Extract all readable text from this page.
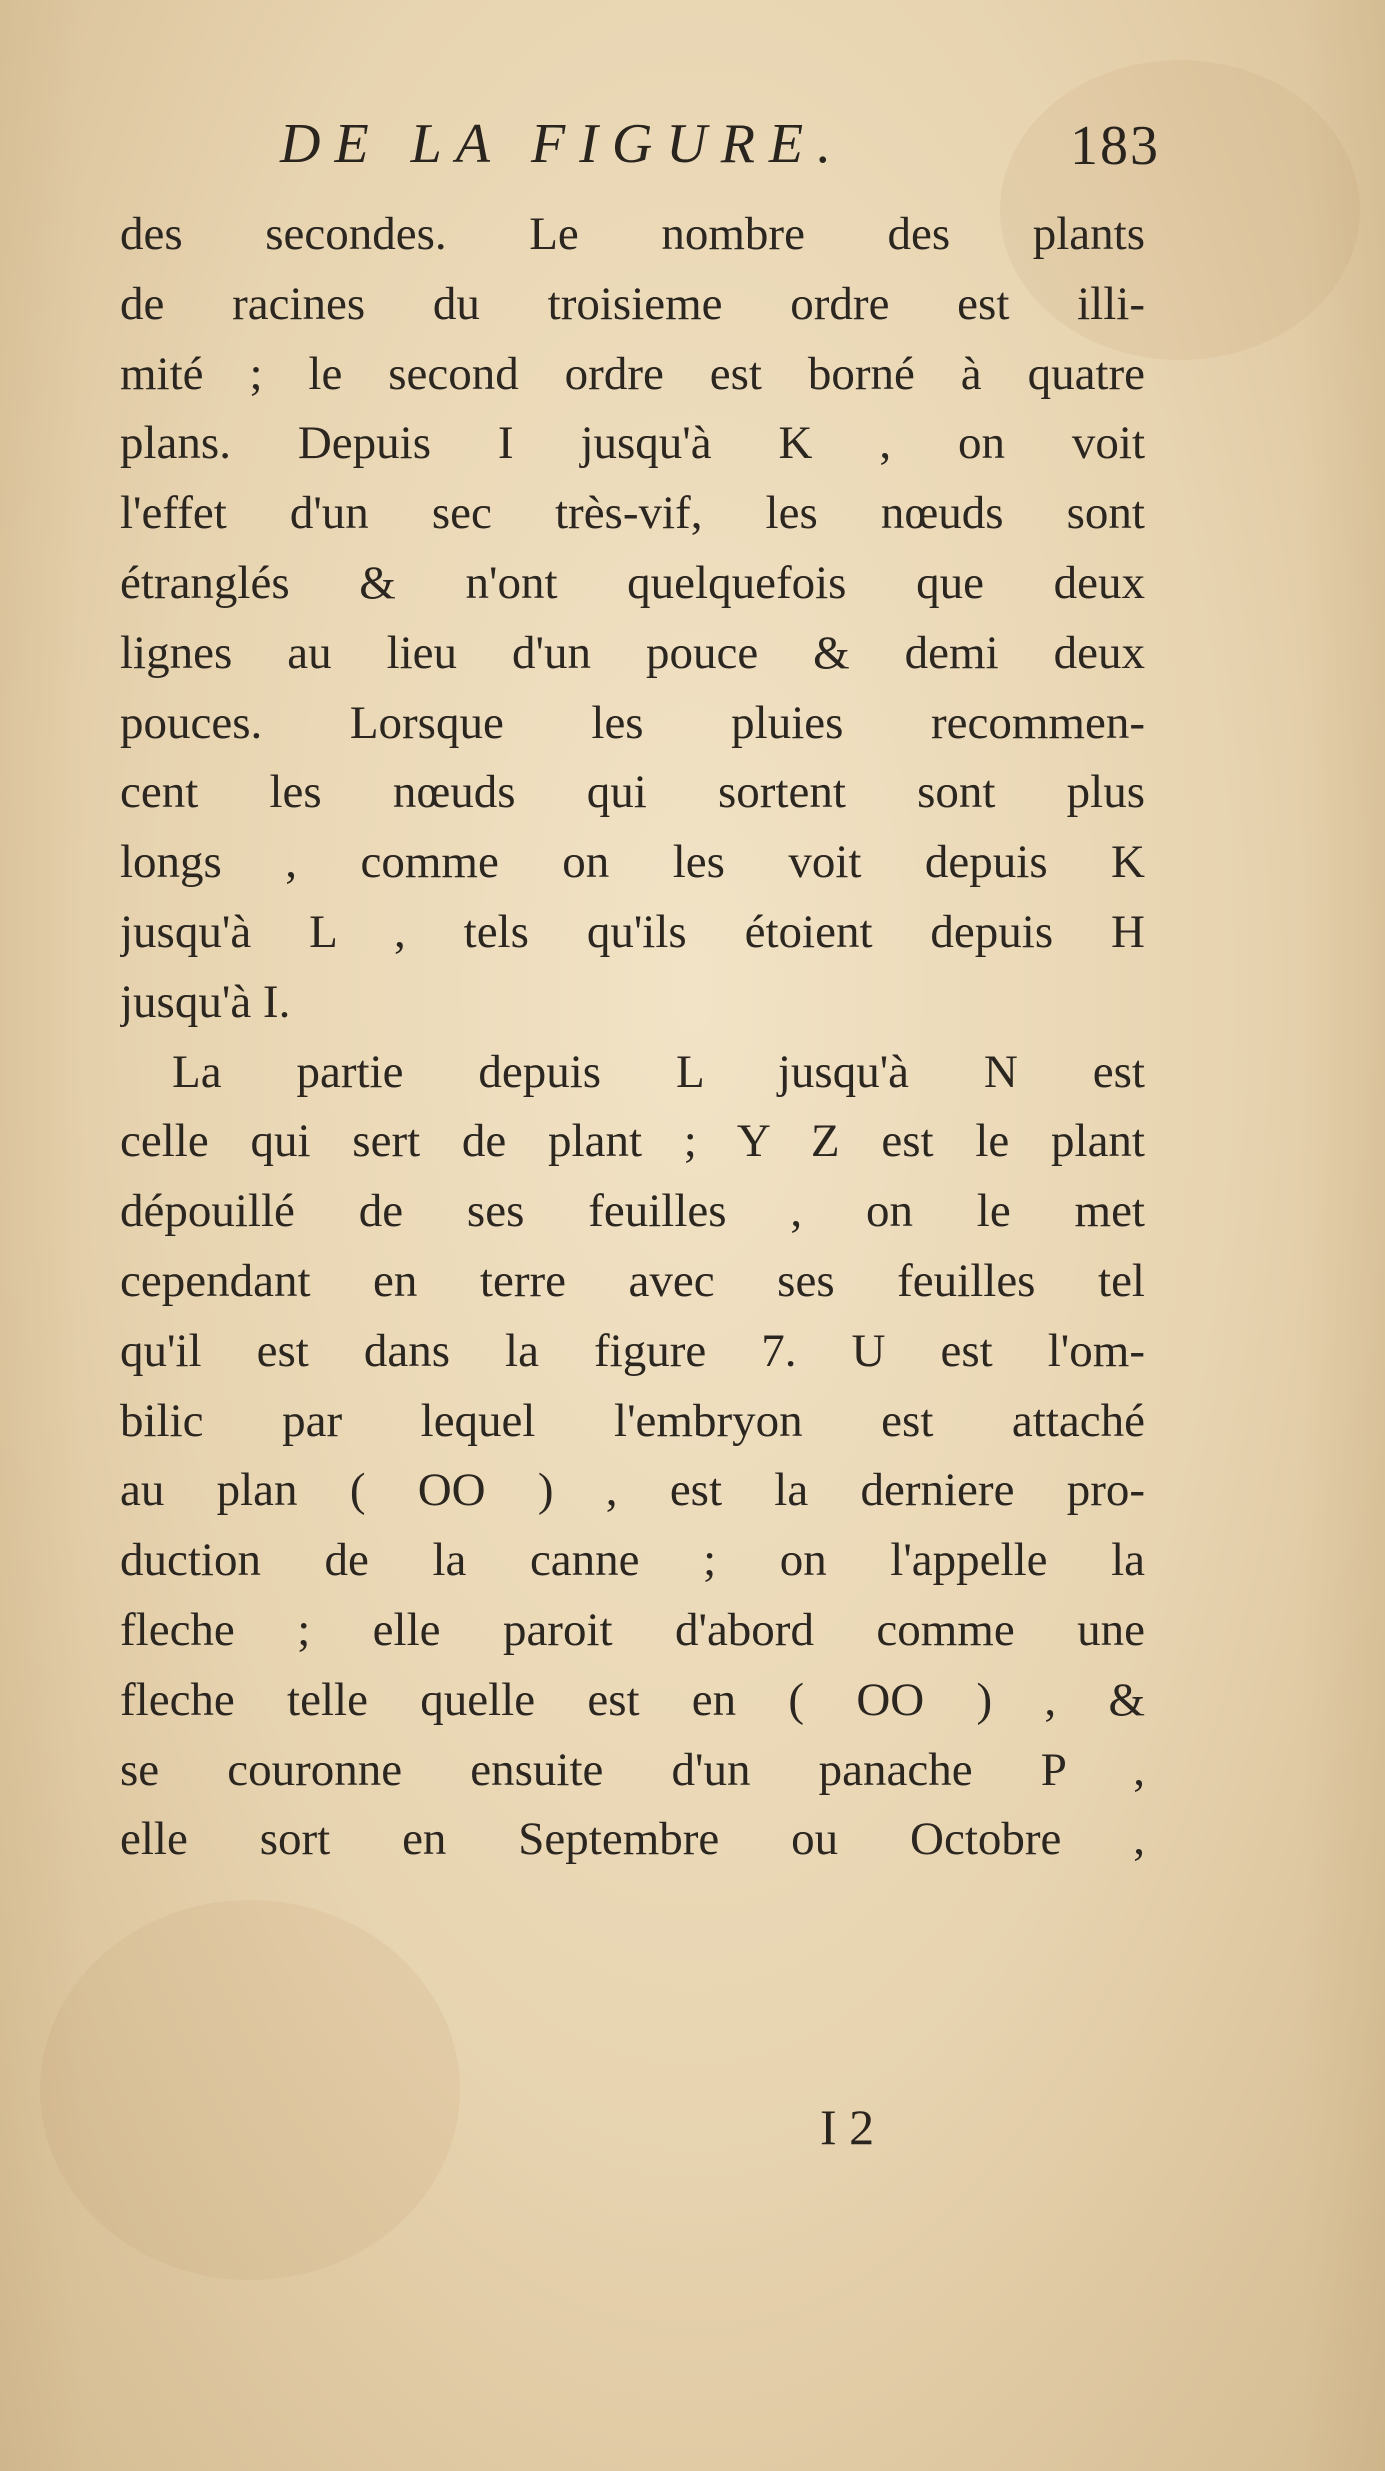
DE LA FIGURE.	183
des secondes. Le nombre des plants
de racines du troisieme ordre est illi-
mité ; le second ordre est borné à quatre
plans. Depuis I jusqu'à K , on voit
l'effet d'un sec très-vif, les nœuds sont
étranglés & n'ont quelquefois que deux
lignes au lieu d'un pouce & demi deux
pouces. Lorsque les pluies recommen-
cent les nœuds qui sortent sont plus
longs , comme on les voit depuis K
jusqu'à L , tels qu'ils étoient depuis H
jusqu'à I.
La partie depuis L jusqu'à N est
celle qui sert de plant ; Y Z est le plant
dépouillé de ses feuilles , on le met
cependant en terre avec ses feuilles tel
qu'il est dans la figure 7. U est l'om-
bilic par lequel l'embryon est attaché
au plan ( OO ) , est la derniere pro-
duction de la canne ; on l'appelle la
fleche ; elle paroit d'abord comme une
fleche telle quelle est en ( OO ) , &
se couronne ensuite d'un panache P ,
elle sort en Septembre ou Octobre ,
I 2
